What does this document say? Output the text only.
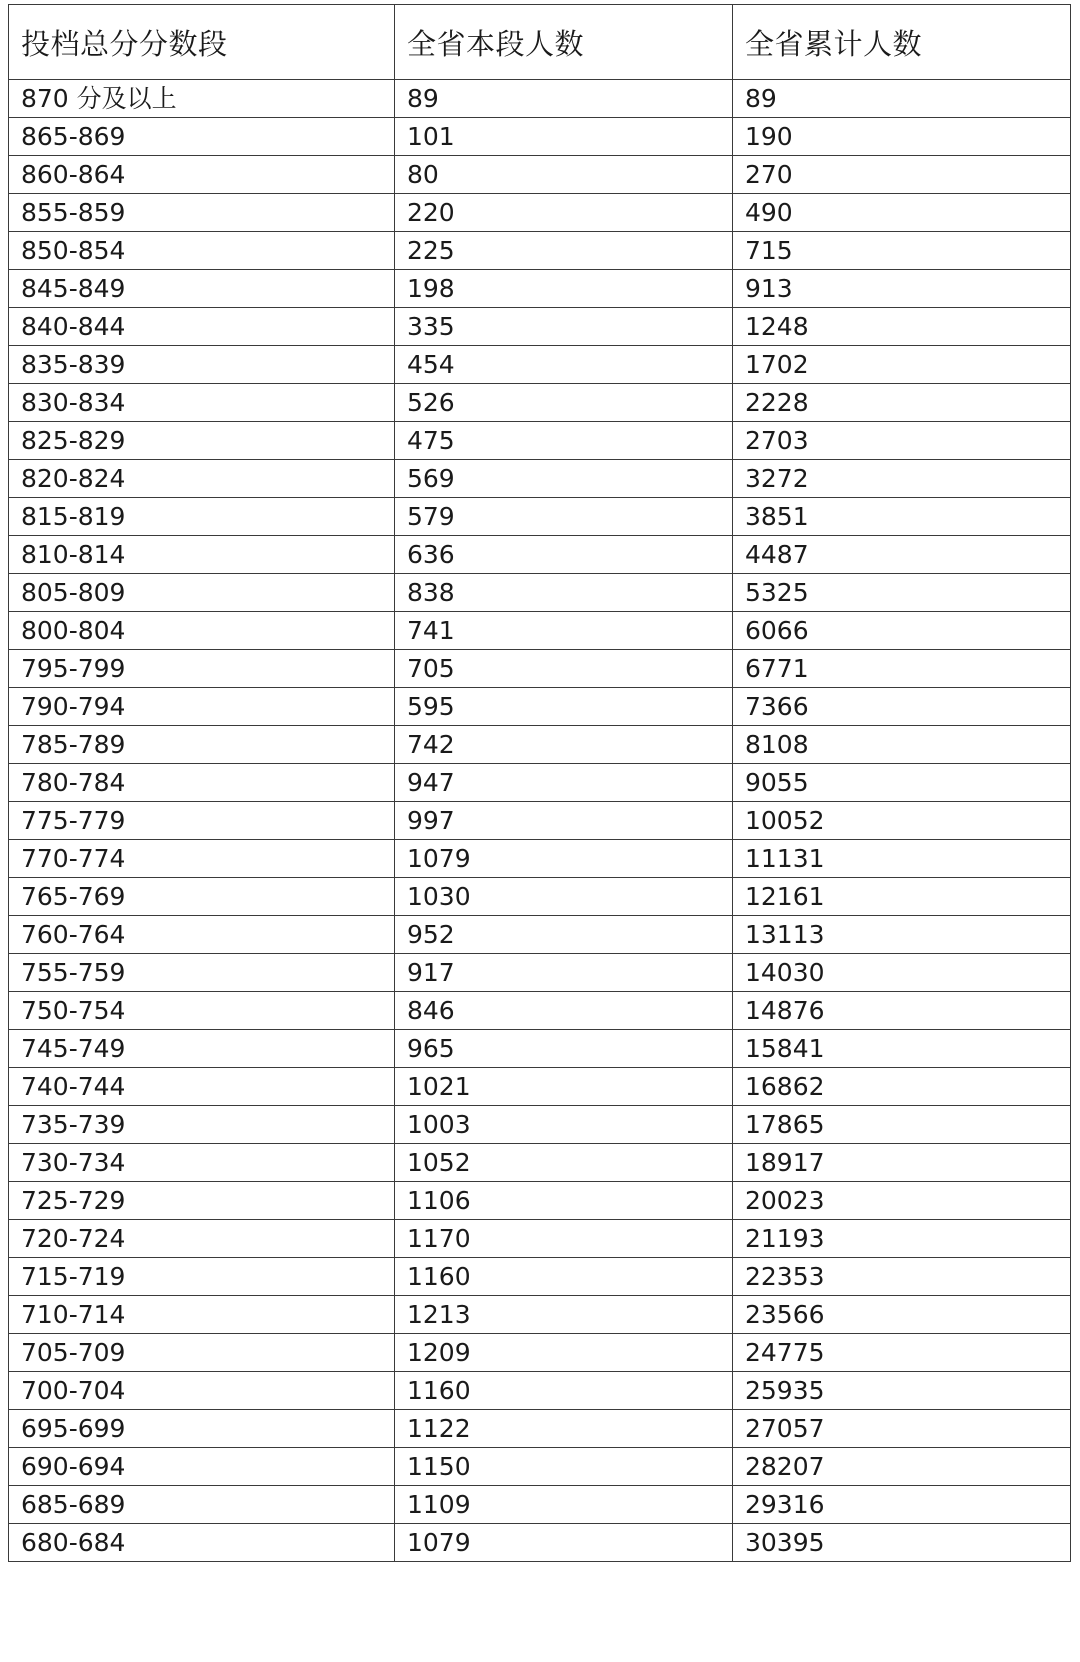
投档总分分数段	全省本段人数	全省累计人数
870 分及以上	89	89
865-869	101	190
860-864	80	270
855-859	220	490
850-854	225	715
845-849	198	913
840-844	335	1248
835-839	454	1702
830-834	526	2228
825-829	475	2703
820-824	569	3272
815-819	579	3851
810-814	636	4487
805-809	838	5325
800-804	741	6066
795-799	705	6771
790-794	595	7366
785-789	742	8108
780-784	947	9055
775-779	997	10052
770-774	1079	11131
765-769	1030	12161
760-764	952	13113
755-759	917	14030
750-754	846	14876
745-749	965	15841
740-744	1021	16862
735-739	1003	17865
730-734	1052	18917
725-729	1106	20023
720-724	1170	21193
715-719	1160	22353
710-714	1213	23566
705-709	1209	24775
700-704	1160	25935
695-699	1122	27057
690-694	1150	28207
685-689	1109	29316
680-684	1079	30395
